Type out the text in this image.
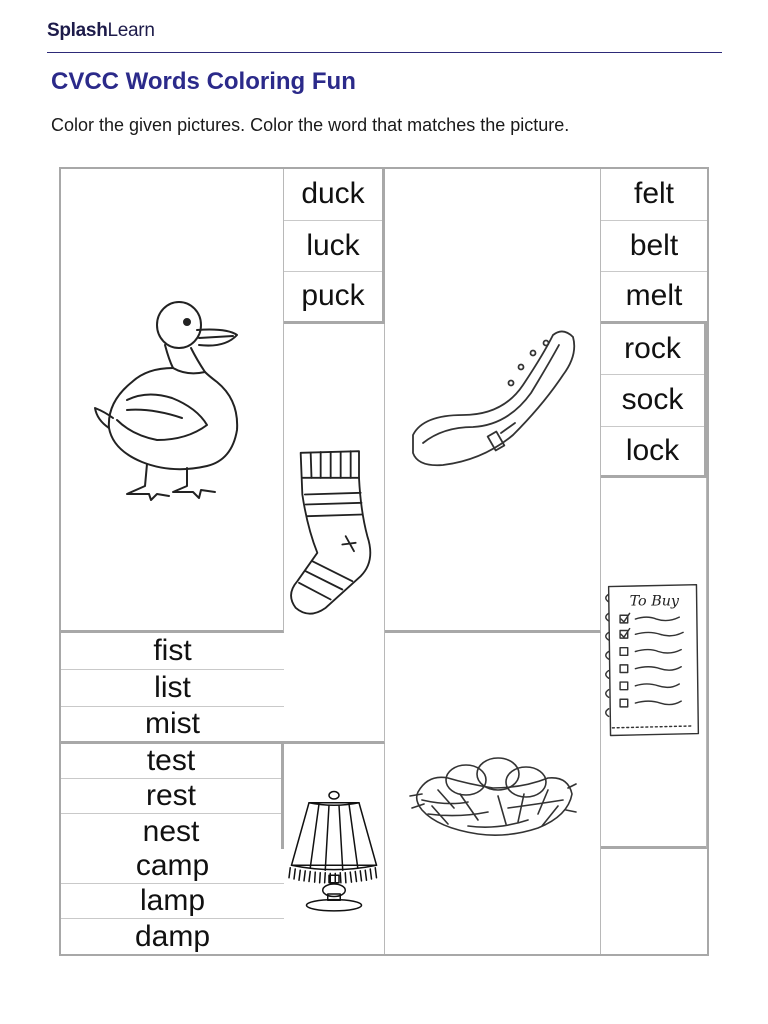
SplashLearn
CVCC Words Coloring Fun
Color the given pictures. Color the word that matches the picture.
duck
luck
puck
felt
belt
melt
rock
sock
lock
To Buy
fist
list
mist
test
rest
nest
camp
lamp
damp
